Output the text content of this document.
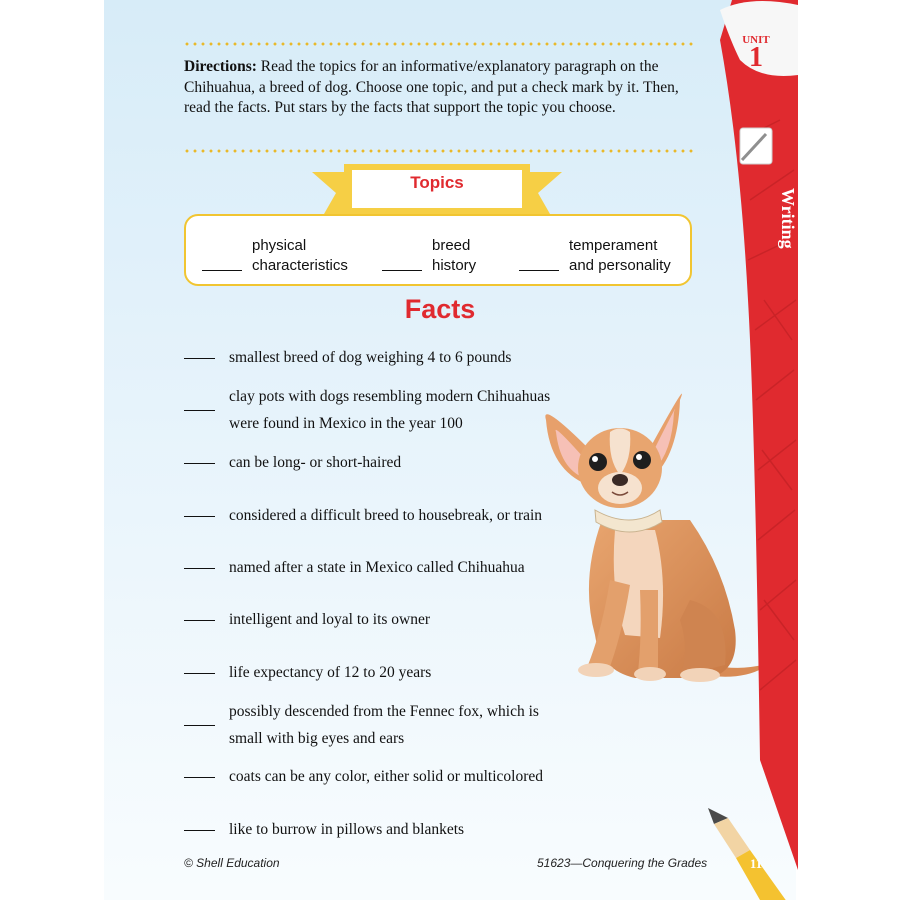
Directions: Read the topics for an informative/explanatory paragraph on the Chihuahua, a breed of dog. Choose one topic, and put a check mark by it. Then, read the facts. Put stars by the facts that support the topic you choose.
Topics
physical
characteristics
breed
history
temperament
and personality
Facts
smallest breed of dog weighing 4 to 6 pounds
clay pots with dogs resembling modern Chihuahuas
were found in Mexico in the year 100
can be long- or short-haired
considered a difficult breed to housebreak, or train
named after a state in Mexico called Chihuahua
intelligent and loyal to its owner
life expectancy of 12 to 20 years
possibly descended from the Fennec fox, which is
small with big eyes and ears
coats can be any color, either solid or multicolored
like to burrow in pillows and blankets
UNIT
1
Writing
11
© Shell Education	51623—Conquering the Grades
